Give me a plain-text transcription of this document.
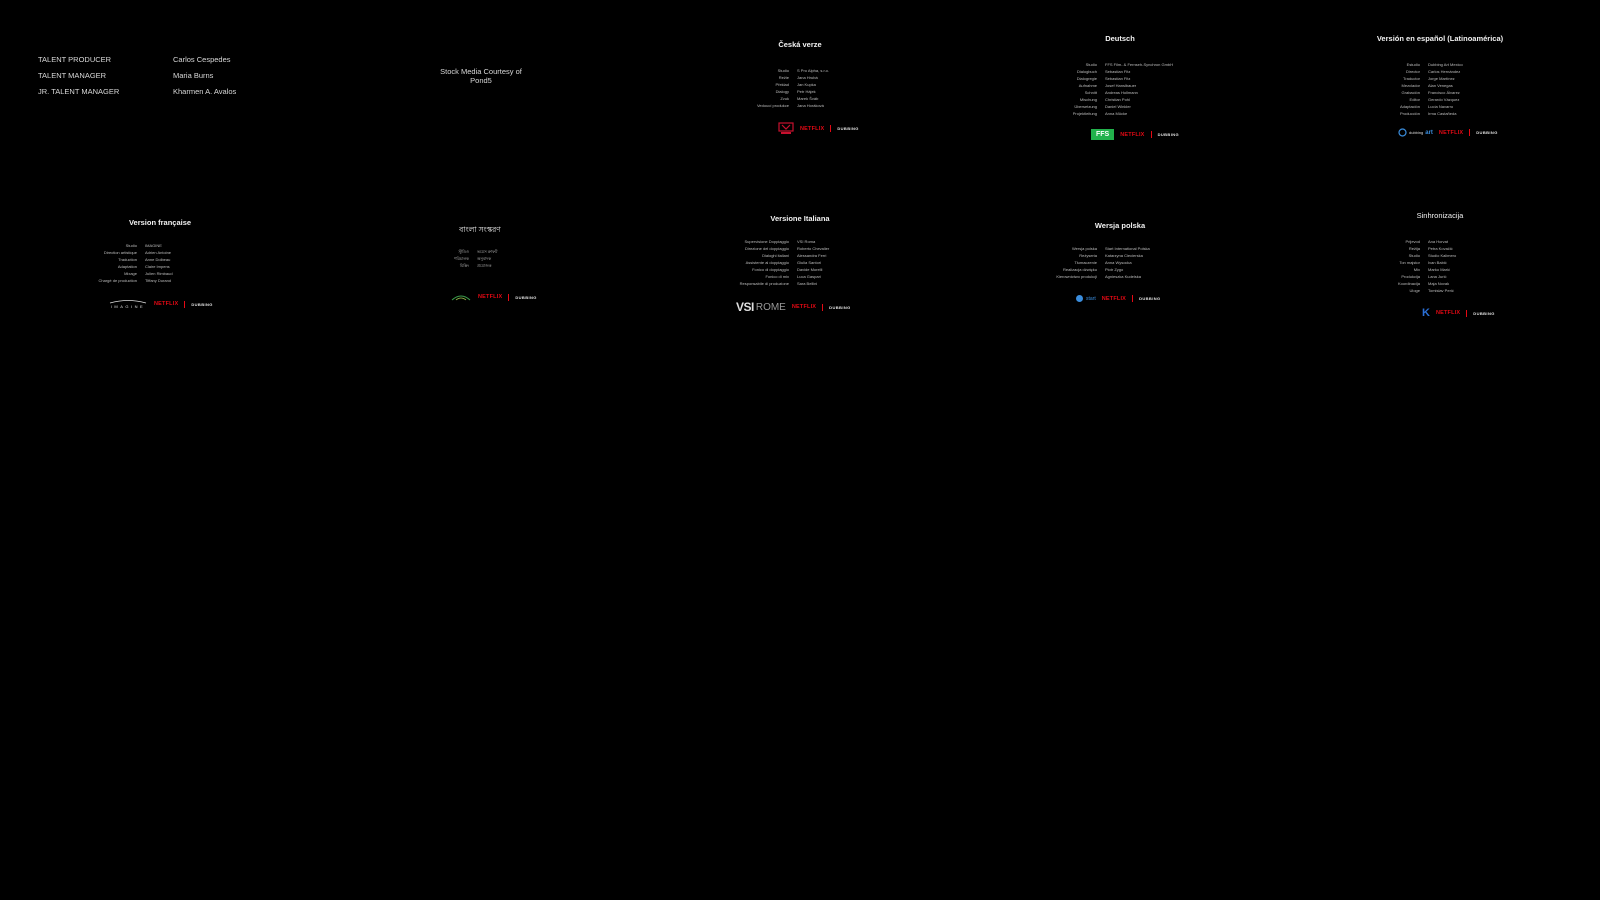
TALENT PRODUCER	Carlos Cespedes
TALENT MANAGER	Maria Burns
JR. TALENT MANAGER	Kharmen A. Avalos
Stock Media Courtesy of Pond5
Česká verze
Studio	S Pro Alpha, s.r.o.
Režie	Jana Hrubá
Překlad	Jan Kupka
Dialogy	Petr Hájek
Zvuk	Marek Šváb
Vedoucí produkce	Jana Horáková
NETFLIX	DUBBING
Deutsch
Studio	FFS Film- & Fernseh-Synchron GmbH
Dialogbuch	Sebastian Fitz
Dialogregie	Sebastian Fitz
Aufnahme	Josef Hanslbauer
Schnitt	Andreas Hollmann
Mischung	Christian Pohl
Übersetzung	Daniel Winkler
Projektleitung	Anna Mücke
FFS	NETFLIX	DUBBING
Versión en español (Latinoamérica)
Estudio	Dubbing Art Mexico
Director	Carlos Hernández
Traductor	Jorge Martínez
Mezclador	Alan Venegas
Grabación	Francisco Álvarez
Editor	Gerardo Vázquez
Adaptación	Lucía Navarro
Producción	Irma Castañeda
dubbing art NETFLIX	DUBBING
Version française
Studio	IMAGINE
Direction artistique	Adrien Antoine
Traduction	Anne Dolbeau
Adaptation	Claire Impens
Mixage	Julien Rimbaud
Chargé de production	Tiffany Durand
IMAGINE NETFLIX	DUBBING
বাংলা সংস্করণ
স্টুডিও	ভয়েস ক্রাফট
পরিচালক	অনুবাদক
মিক্সিং	প্রযোজক
NETFLIX	DUBBING
Versione Italiana
Supervisione Doppiaggio	VSI Roma
Direzione del doppiaggio	Roberto Chevalier
Dialoghi italiani	Alessandra Ferri
Assistente al doppiaggio	Giulia Santori
Fonico di doppiaggio	Davide Morelli
Fonico di mix	Luca Gaspari
Responsabile di produzione	Sara Bellini
VSI ROME NETFLIX	DUBBING
Wersja polska
Wersja polska	Start International Polska
Reżyseria	Katarzyna Ciecierska
Tłumaczenie	Anna Wysocka
Realizacja dźwięku	Piotr Zygo
Kierownictwo produkcji	Agnieszka Kudelska
start NETFLIX	DUBBING
Sinhronizacija
Prijevod	Ana Horvat
Režija	Petra Kovačić
Studio	Studio Kalimero
Ton majstor	Ivan Babić
Mix	Marko Marić
Produkcija	Lana Jurić
Koordinacija	Maja Novak
Uloge	Tomislav Perić
K NETFLIX	DUBBING
